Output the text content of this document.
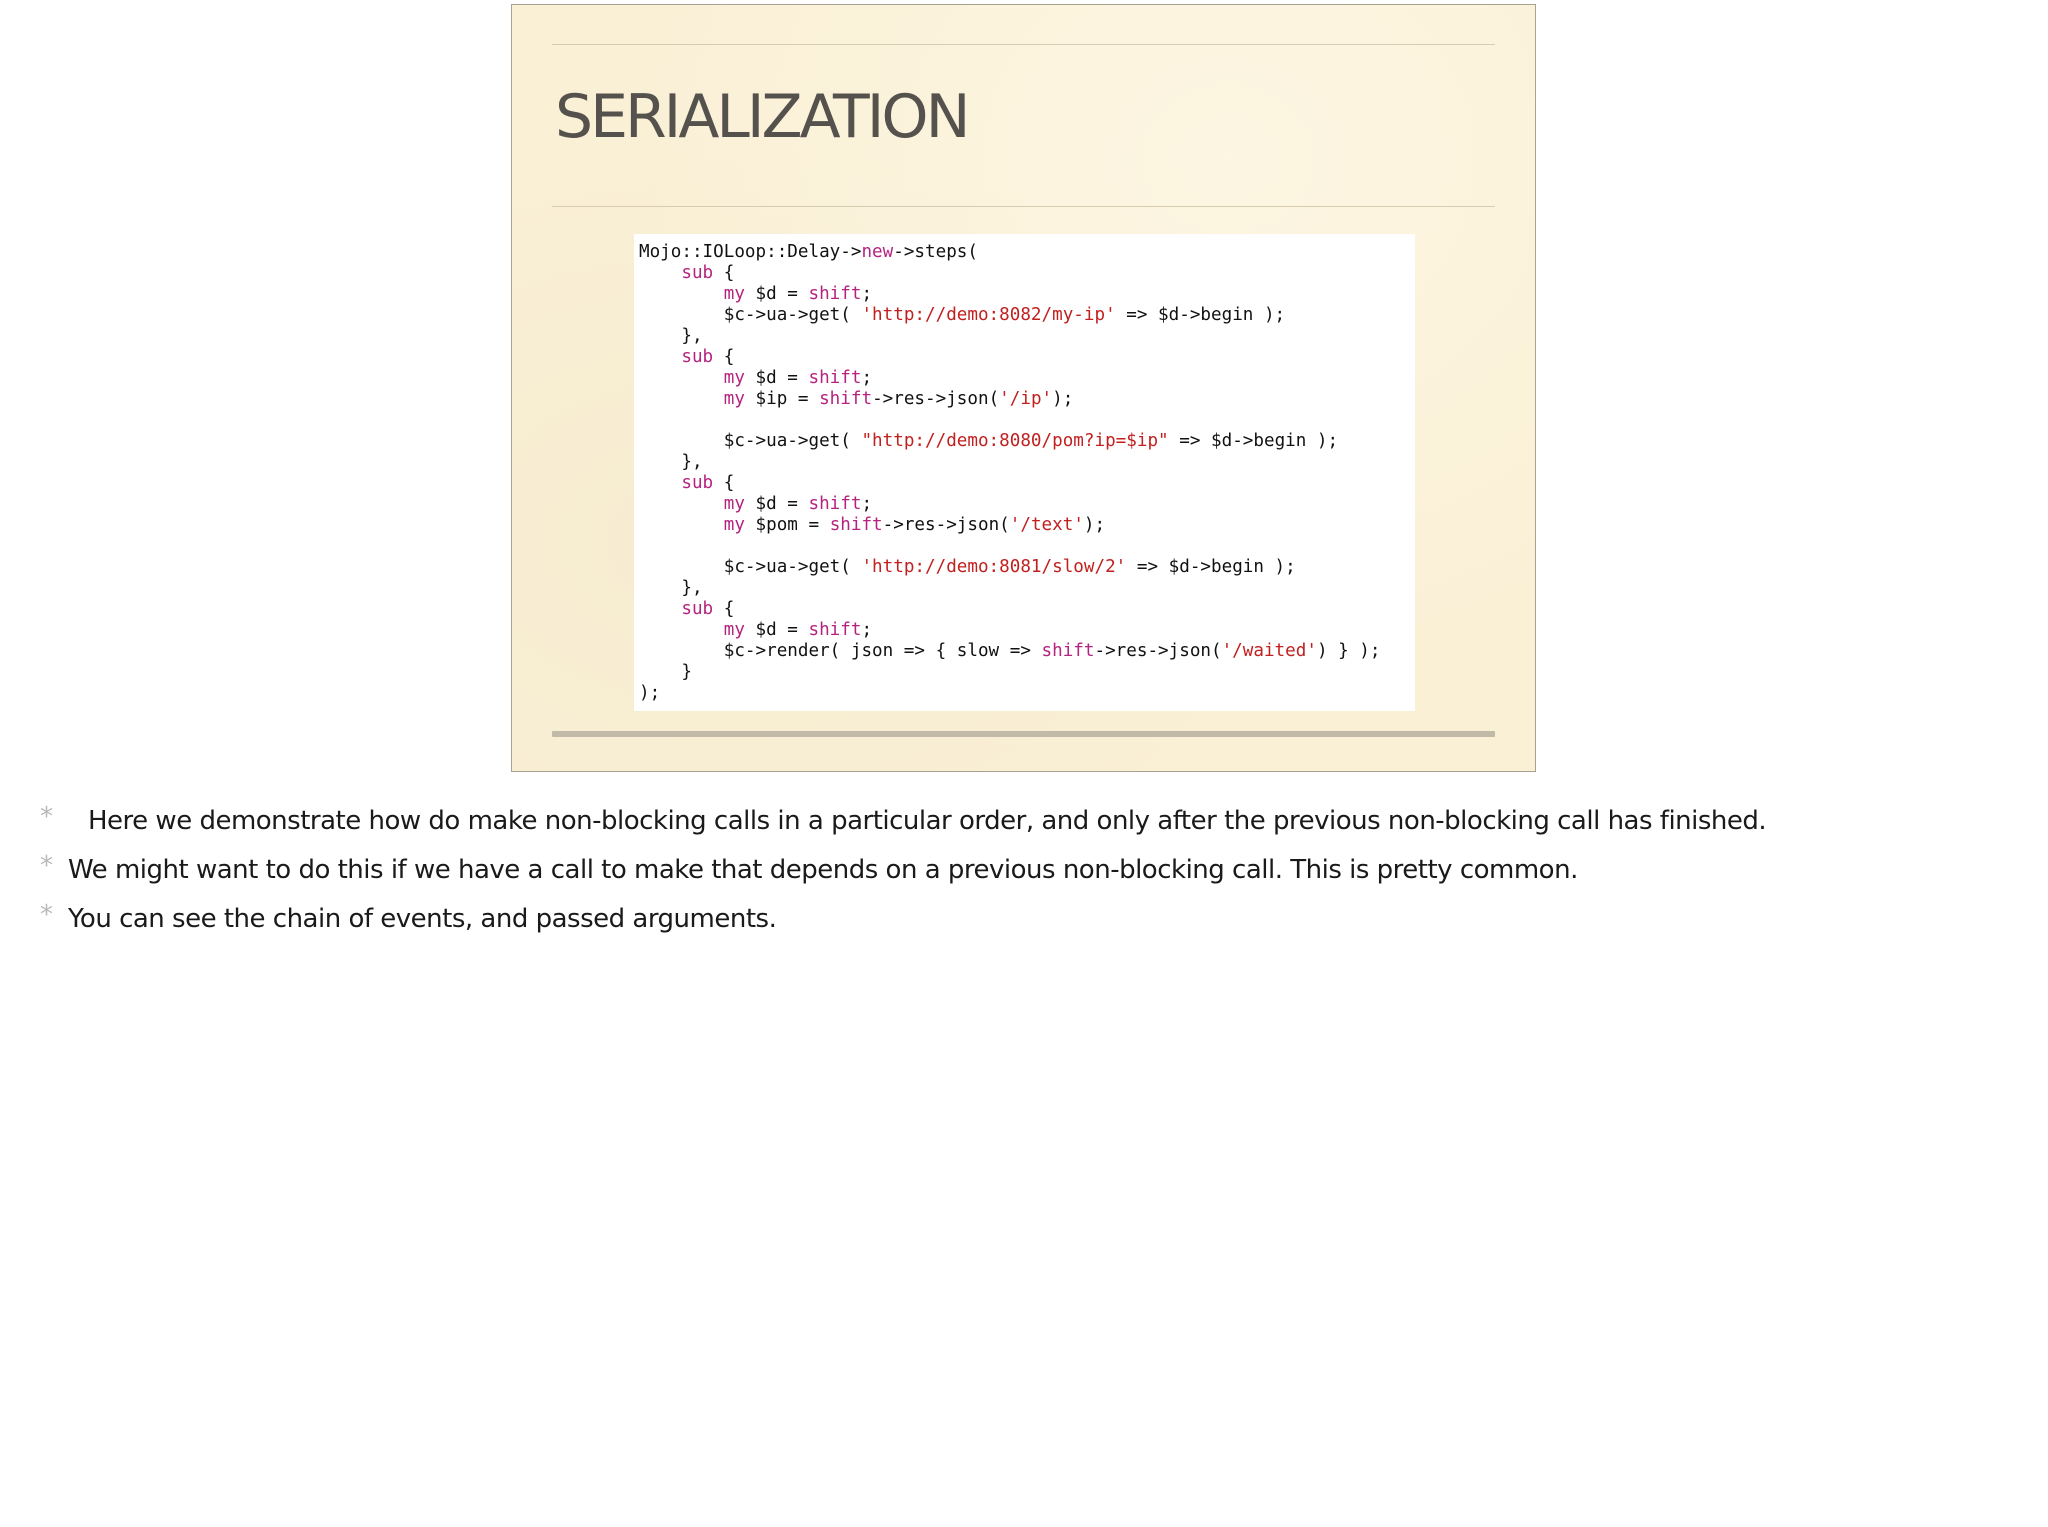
SERIALIZATION
Mojo::IOLoop::Delay->new->steps(
sub {
my $d = shift;
$c->ua->get( 'http://demo:8082/my-ip' => $d->begin );
},
sub {
my $d = shift;
my $ip = shift->res->json('/ip');
$c->ua->get( "http://demo:8080/pom?ip=$ip" => $d->begin );
},
sub {
my $d = shift;
my $pom = shift->res->json('/text');
$c->ua->get( 'http://demo:8081/slow/2' => $d->begin );
},
sub {
my $d = shift;
$c->render( json => { slow => shift->res->json('/waited') } );
}
);
* Here we demonstrate how do make non-blocking calls in a particular order, and only after the previous non-blocking call has finished.
* We might want to do this if we have a call to make that depends on a previous non-blocking call. This is pretty common.
* You can see the chain of events, and passed arguments.
